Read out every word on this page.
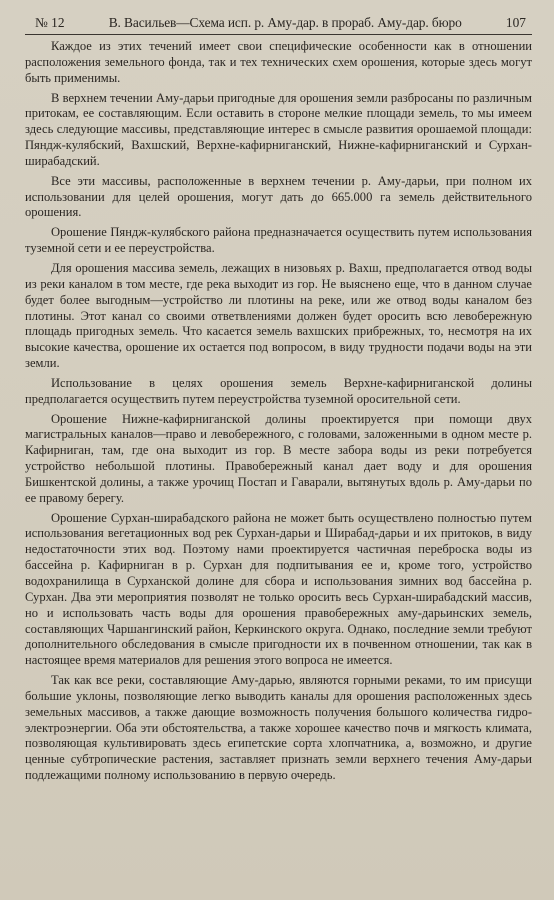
№ 12	В. Васильев—Схема исп. р. Аму-дар. в прораб. Аму-дар. бюро	107

Каждое из этих течений имеет свои специфические особенности как в отношении расположения земельного фонда, так и тех технических схем орошения, которые здесь могут быть применимы.

В верхнем течении Аму-дарьи пригодные для орошения земли разбросаны по различным притокам, ее составляющим. Если оставить в стороне мелкие площади земель, то мы имеем здесь следующие массивы, представляющие интерес в смысле развития орошаемой площади: Пяндж-кулябский, Вахшский, Верхне-кафирниганский, Нижне-кафирниганский и Сурхан-ширабадский.

Все эти массивы, расположенные в верхнем течении р. Аму-дарьи, при полном их использовании для целей орошения, могут дать до 665.000 га земель действительного орошения.

Орошение Пяндж-кулябского района предназначается осуществить путем использования туземной сети и ее переустройства.

Для орошения массива земель, лежащих в низовьях р. Вахш, предполагается отвод воды из реки каналом в том месте, где река выходит из гор. Не выяснено еще, что в данном случае будет более выгодным—устройство ли плотины на реке, или же отвод воды каналом без плотины. Этот канал со своими ответвлениями должен будет оросить всю левобережную площадь пригодных земель. Что касается земель вахшских прибрежных, то, несмотря на их высокие качества, орошение их остается под вопросом, в виду трудности подачи воды на эти земли.

Использование в целях орошения земель Верхне-кафирниганской долины предполагается осуществить путем переустройства туземной оросительной сети.

Орошение Нижне-кафирниганской долины проектируется при помощи двух магистральных каналов—право и левобережного, с головами, заложенными в одном месте р. Кафирниган, там, где она выходит из гор. В месте забора воды из реки потребуется устройство небольшой плотины. Правобережный канал дает воду и для орошения Бишкентской долины, а также урочищ Постап и Гаварали, вытянутых вдоль р. Аму-дарьи по ее правому берегу.

Орошение Сурхан-ширабадского района не может быть осуществлено полностью путем использования вегетационных вод рек Сурхан-дарьи и Ширабад-дарьи и их притоков, в виду недостаточности этих вод. Поэтому нами проектируется частичная переброска воды из бассейна р. Кафирниган в р. Сурхан для подпитывания ее и, кроме того, устройство водохранилища в Сурханской долине для сбора и использования зимних вод бассейна р. Сурхан. Два эти мероприятия позволят не только оросить весь Сурхан-ширабадский массив, но и использовать часть воды для орошения правобережных аму-дарьинских земель, составляющих Чаршангинский район, Керкинского округа. Однако, последние земли требуют дополнительного обследования в смысле пригодности их в почвенном отношении, так как в настоящее время материалов для решения этого вопроса не имеется.

Так как все реки, составляющие Аму-дарью, являются горными реками, то им присущи большие уклоны, позволяющие легко выводить каналы для орошения расположенных здесь земельных массивов, а также дающие возможность получения большого количества гидро-электроэнергии. Оба эти обстоятельства, а также хорошее качество почв и мягкость климата, позволяющая культивировать здесь египетские сорта хлопчатника, а, возможно, и другие ценные субтропические растения, заставляет признать земли верхнего течения Аму-дарьи подлежащими полному использованию в первую очередь.
